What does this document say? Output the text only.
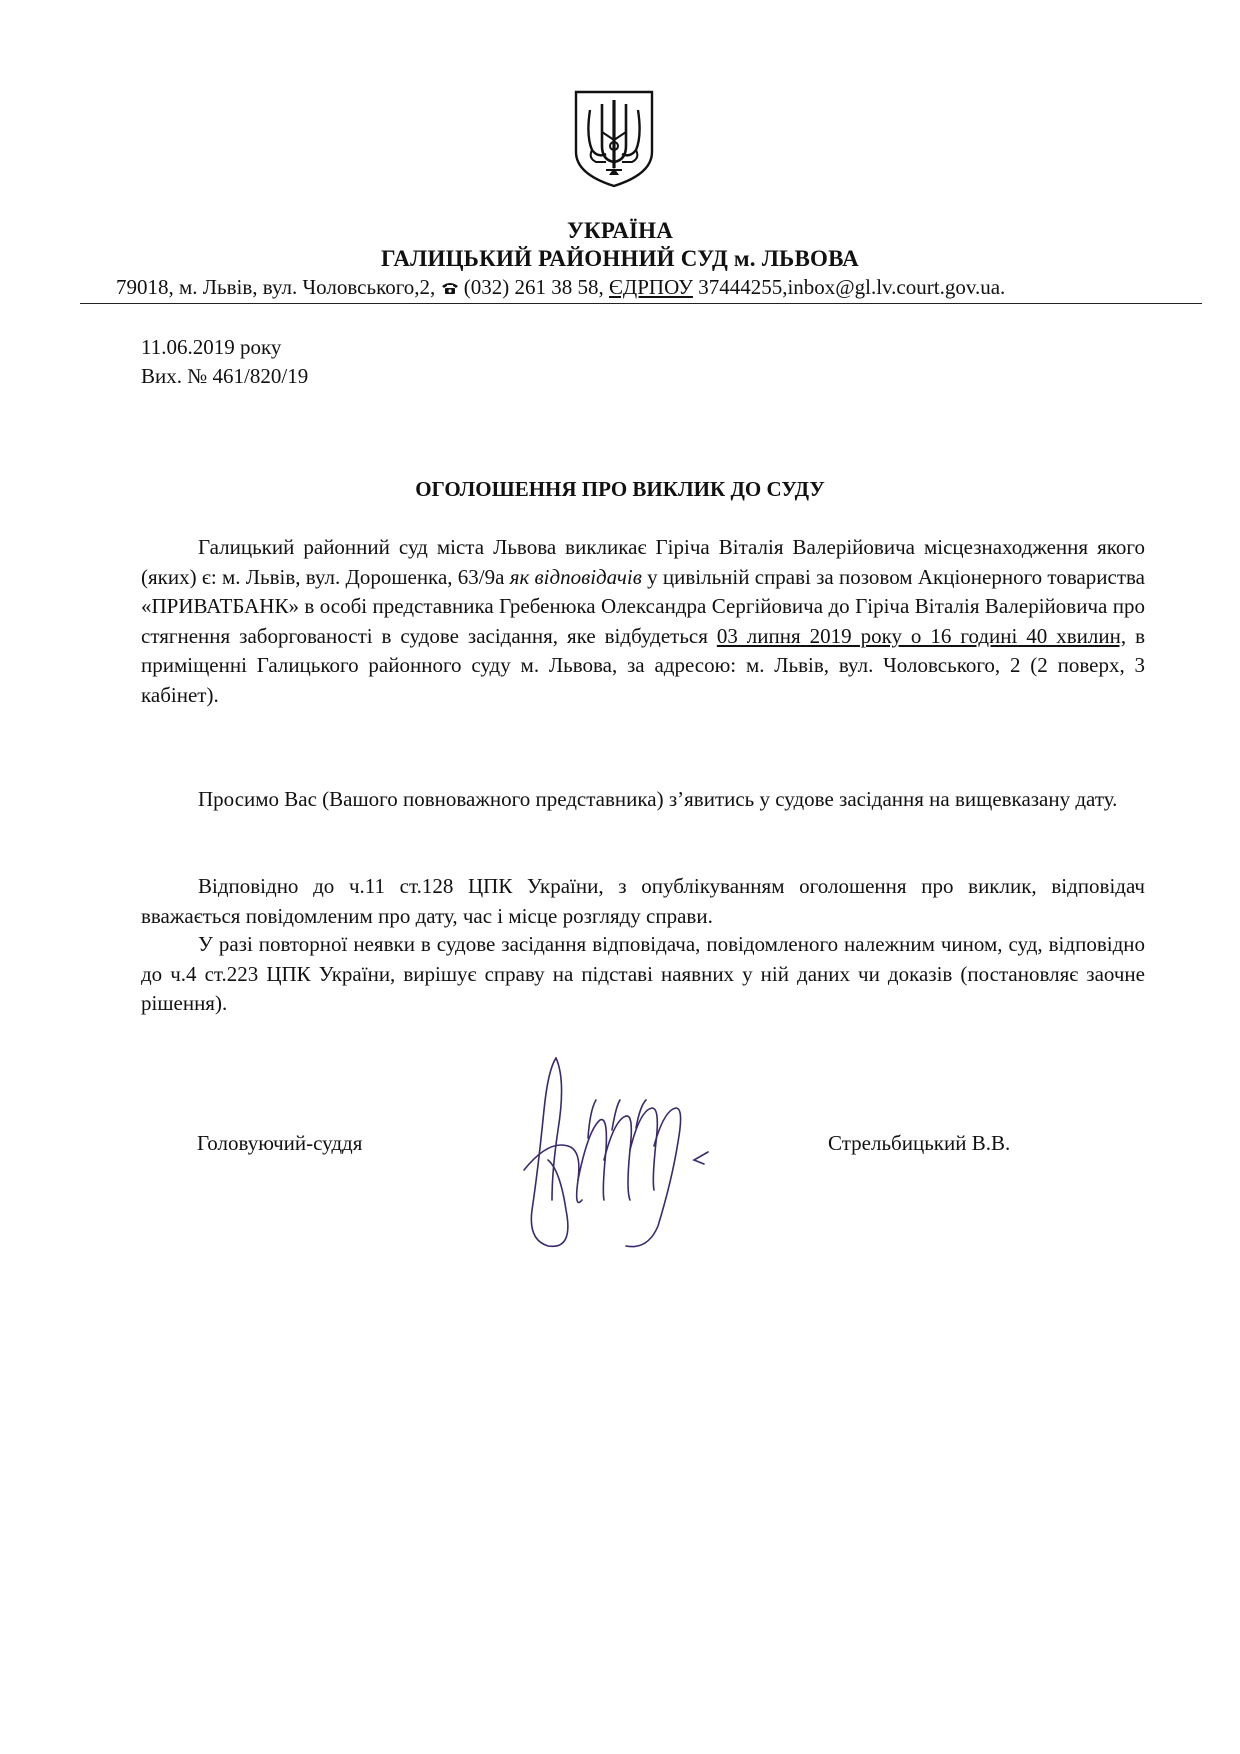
УКРАЇНА
ГАЛИЦЬКИЙ РАЙОННИЙ СУД м. ЛЬВОВА
79018, м. Львів, вул. Чоловського,2,  (032) 261 38 58, ЄДРПОУ 37444255,inbox@gl.lv.court.gov.ua.
11.06.2019 року
Вих. № 461/820/19
ОГОЛОШЕННЯ ПРО ВИКЛИК ДО СУДУ
Галицький районний суд міста Львова викликає Гіріча Віталія Валерійовича місцезнаходження якого (яких) є: м. Львів, вул. Дорошенка, 63/9а як відповідачів у цивільній справі за позовом Акціонерного товариства «ПРИВАТБАНК» в особі представника Гребенюка Олександра Сергійовича до Гіріча Віталія Валерійовича про стягнення заборгованості в судове засідання, яке відбудеться 03 липня 2019 року о 16 годині 40 хвилин, в приміщенні Галицького районного суду м. Львова, за адресою: м. Львів, вул. Чоловського, 2 (2 поверх, 3 кабінет).
Просимо Вас (Вашого повноважного представника) з’явитись у судове засідання на вищевказану дату.
Відповідно до ч.11 ст.128 ЦПК України, з опублікуванням оголошення про виклик, відповідач вважається повідомленим про дату, час і місце розгляду справи.
У разі повторної неявки в судове засідання відповідача, повідомленого належним чином, суд, відповідно до ч.4 ст.223 ЦПК України, вирішує справу на підставі наявних у ній даних чи доказів (постановляє заочне рішення).
Головуючий-суддя	Стрельбицький В.В.
